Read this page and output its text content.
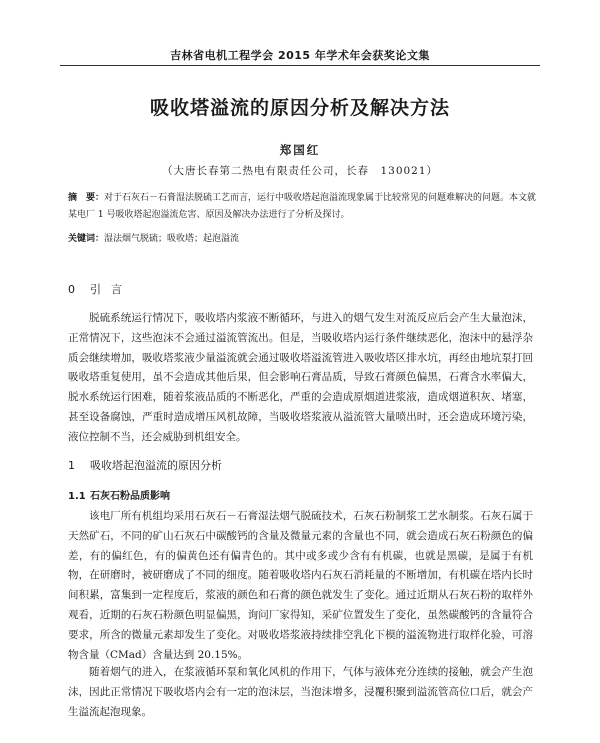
吉林省电机工程学会 2015 年学术年会获奖论文集
吸收塔溢流的原因分析及解决方法
郑国红
（大唐长春第二热电有限责任公司，长春　130021）
摘　要：对于石灰石－石膏湿法脱硫工艺而言，运行中吸收塔起泡溢流现象属于比较常见的问题难解决的问题。本文就某电厂 1 号吸收塔起泡溢流危害、原因及解决办法进行了分析及探讨。
关键词：湿法烟气脱硫；吸收塔；起泡溢流
0 引言
脱硫系统运行情况下，吸收塔内浆液不断循环，与进入的烟气发生对流反应后会产生大量泡沫，正常情况下，这些泡沫不会通过溢流管流出。但是，当吸收塔内运行条件继续恶化，泡沫中的悬浮杂质会继续增加，吸收塔浆液少量溢流就会通过吸收塔溢流管进入吸收塔区排水坑，再经由地坑泵打回吸收塔重复使用，虽不会造成其他后果，但会影响石膏品质，导致石膏颜色偏黑，石膏含水率偏大，脱水系统运行困难，随着浆液品质的不断恶化，严重的会造成原烟道进浆液，造成烟道积灰、堵塞，甚至设备腐蚀，严重时造成增压风机故障，当吸收塔浆液从溢流管大量喷出时，还会造成环境污染，液位控制不当，还会威胁到机组安全。
1 吸收塔起泡溢流的原因分析
1.1 石灰石粉品质影响
该电厂所有机组均采用石灰石－石膏湿法烟气脱硫技术，石灰石粉制浆工艺水制浆。石灰石属于天然矿石，不同的矿山石灰石中碳酸钙的含量及微量元素的含量也不同，就会造成石灰石粉颜色的偏差，有的偏红色，有的偏黄色还有偏青色的。其中或多或少含有有机碳，也就是黑碳，是属于有机物，在研磨时，被研磨成了不同的细度。随着吸收塔内石灰石消耗量的不断增加，有机碳在塔内长时间积累，富集到一定程度后，浆液的颜色和石膏的颜色就发生了变化。通过近期从石灰石粉的取样外观看，近期的石灰石粉颜色明显偏黑，询问厂家得知，采矿位置发生了变化，虽然碳酸钙的含量符合要求，所含的微量元素却发生了变化。对吸收塔浆液持续排空乳化下模的溢流物进行取样化验，可溶物含量（CMad）含量达到 20.15%。
随着烟气的进入，在浆液循环泵和氧化风机的作用下，气体与液体充分连续的接触，就会产生泡沫，因此正常情况下吸收塔内会有一定的泡沫层，当泡沫增多，浸覆积聚到溢流管高位口后，就会产生溢流起泡现象。
